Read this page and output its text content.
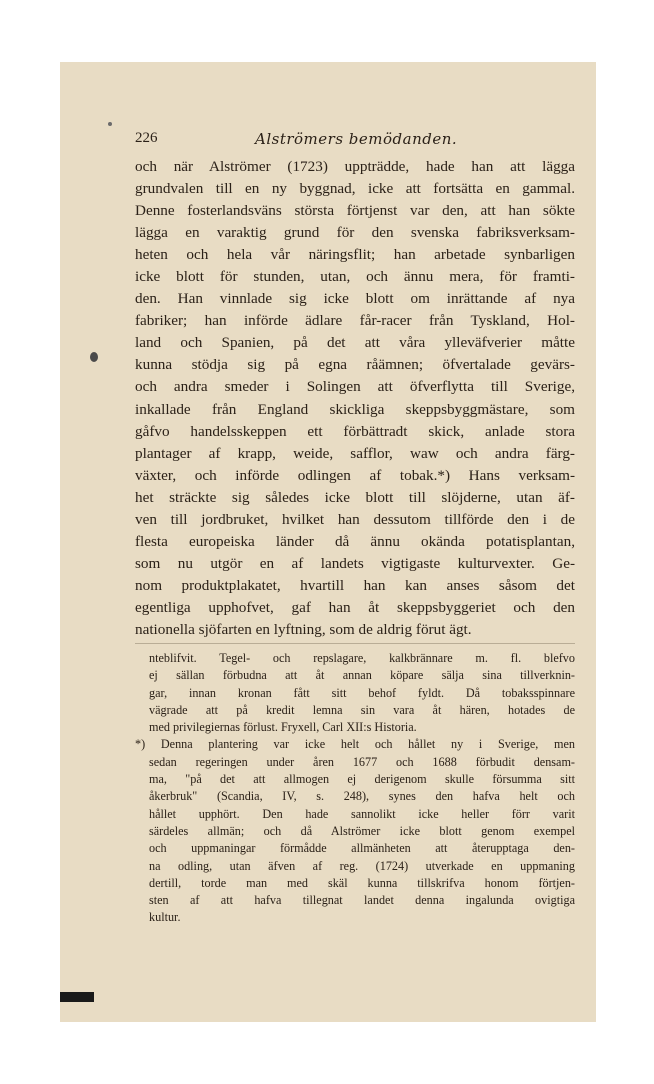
226	Alströmers bemödanden.
och när Alströmer (1723) uppträdde, hade han att lägga
grundvalen till en ny byggnad, icke att fortsätta en gammal.
Denne fosterlandsväns största förtjenst var den, att han sökte
lägga en varaktig grund för den svenska fabriksverksam-
heten och hela vår näringsflit; han arbetade synbarligen
icke blott för stunden, utan, och ännu mera, för framti-
den. Han vinnlade sig icke blott om inrättande af nya
fabriker; han införde ädlare får-racer från Tyskland, Hol-
land och Spanien, på det att våra ylleväfverier måtte
kunna stödja sig på egna råämnen; öfvertalade gevärs-
och andra smeder i Solingen att öfverflytta till Sverige,
inkallade från England skickliga skeppsbyggmästare, som
gåfvo handelsskeppen ett förbättradt skick, anlade stora
plantager af krapp, weide, safflor, waw och andra färg-
växter, och införde odlingen af tobak.*) Hans verksam-
het sträckte sig således icke blott till slöjderne, utan äf-
ven till jordbruket, hvilket han dessutom tillförde den i de
flesta europeiska länder då ännu okända potatisplantan,
som nu utgör en af landets vigtigaste kulturvexter. Ge-
nom produktplakatet, hvartill han kan anses såsom det
egentliga upphofvet, gaf han åt skeppsbyggeriet och den
nationella sjöfarten en lyftning, som de aldrig förut ägt.
nteblifvit. Tegel- och repslagare, kalkbrännare m. fl. blefvo
ej sällan förbudna att åt annan köpare sälja sina tillverknin-
gar, innan kronan fått sitt behof fyldt. Då tobaksspinnare
vägrade att på kredit lemna sin vara åt hären, hotades de
med privilegiernas förlust. Fryxell, Carl XII:s Historia.
*) Denna plantering var icke helt och hållet ny i Sverige, men
sedan regeringen under åren 1677 och 1688 förbudit densam-
ma, "på det att allmogen ej derigenom skulle försumma sitt
åkerbruk" (Scandia, IV, s. 248), synes den hafva helt och
hållet upphört. Den hade sannolikt icke heller förr varit
särdeles allmän; och då Alströmer icke blott genom exempel
och uppmaningar förmådde allmänheten att återupptaga den-
na odling, utan äfven af reg. (1724) utverkade en uppmaning
dertill, torde man med skäl kunna tillskrifva honom förtjen-
sten af att hafva tillegnat landet denna ingalunda ovigtiga
kultur.
